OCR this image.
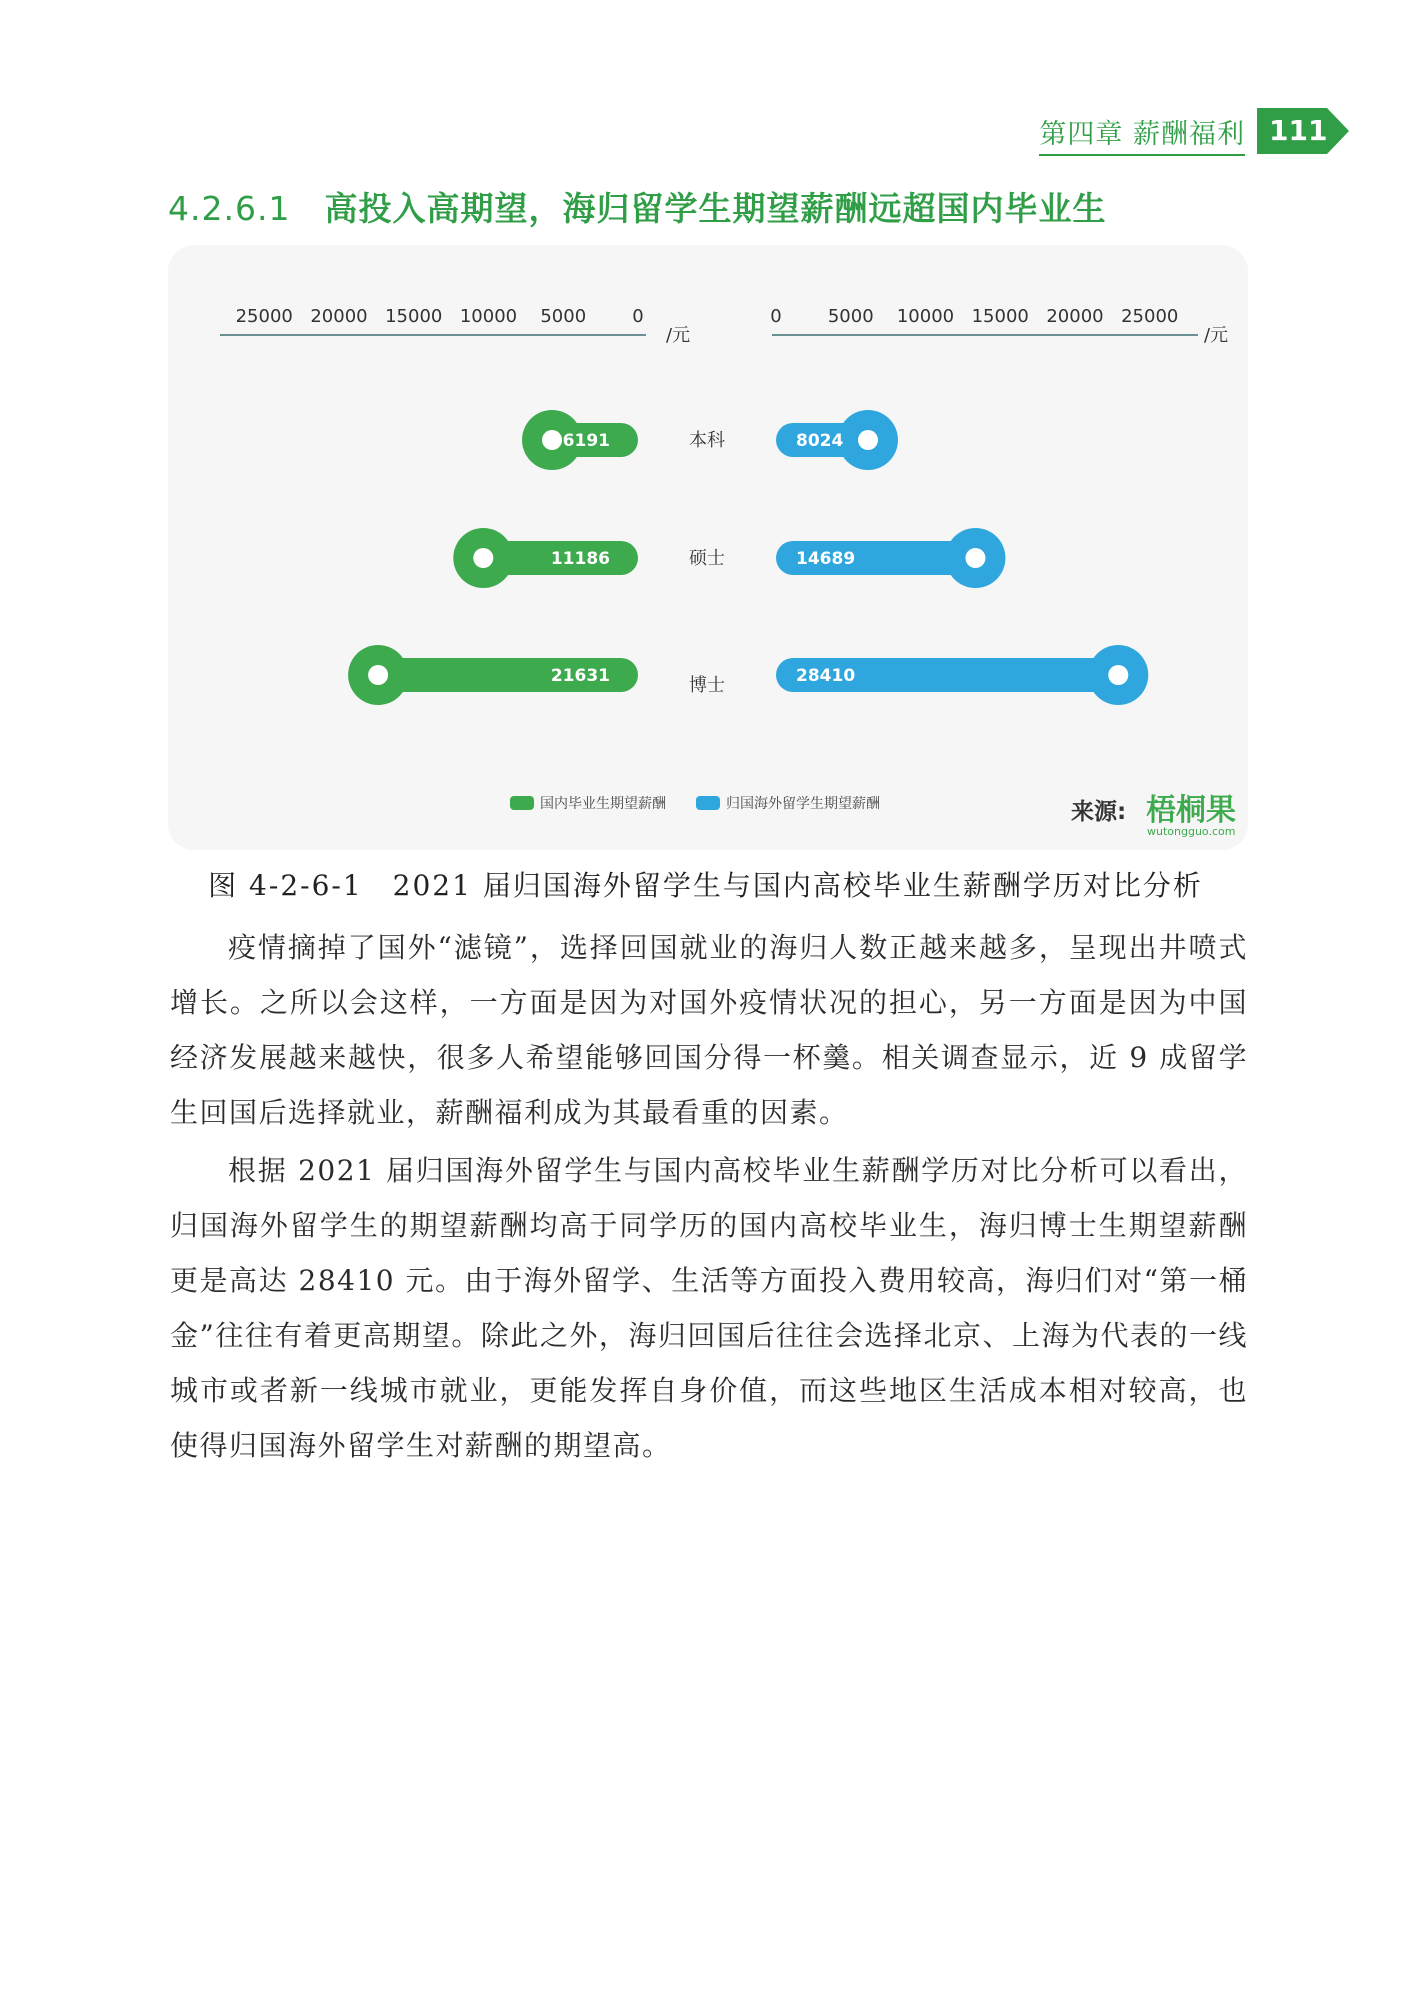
第四章 薪酬福利 111
4.2.6.1 高投入高期望，海归留学生期望薪酬远超国内毕业生
/元	/元
25000 20000 15000 10000 5000	0	0	5000 10000 15000 20000 25000
6191	8024
11186	14689
21631	28410
本科
硕士
博士
国内毕业生期望薪酬	归国海外留学生期望薪酬	来源: 梧桐果
wutongguo.com
图 4-2-6-1　2021 届归国海外留学生与国内高校毕业生薪酬学历对比分析

疫情摘掉了国外“滤镜”，选择回国就业的海归人数正越来越多，呈现出井喷式增长。之所以会这样，一方面是因为对国外疫情状况的担心，另一方面是因为中国经济发展越来越快，很多人希望能够回国分得一杯羹。相关调查显示，近 9 成留学生回国后选择就业，薪酬福利成为其最看重的因素。

根据 2021 届归国海外留学生与国内高校毕业生薪酬学历对比分析可以看出，归国海外留学生的期望薪酬均高于同学历的国内高校毕业生，海归博士生期望薪酬更是高达 28410 元。由于海外留学、生活等方面投入费用较高，海归们对“第一桶金”往往有着更高期望。除此之外，海归回国后往往会选择北京、上海为代表的一线城市或者新一线城市就业，更能发挥自身价值，而这些地区生活成本相对较高，也使得归国海外留学生对薪酬的期望高。
